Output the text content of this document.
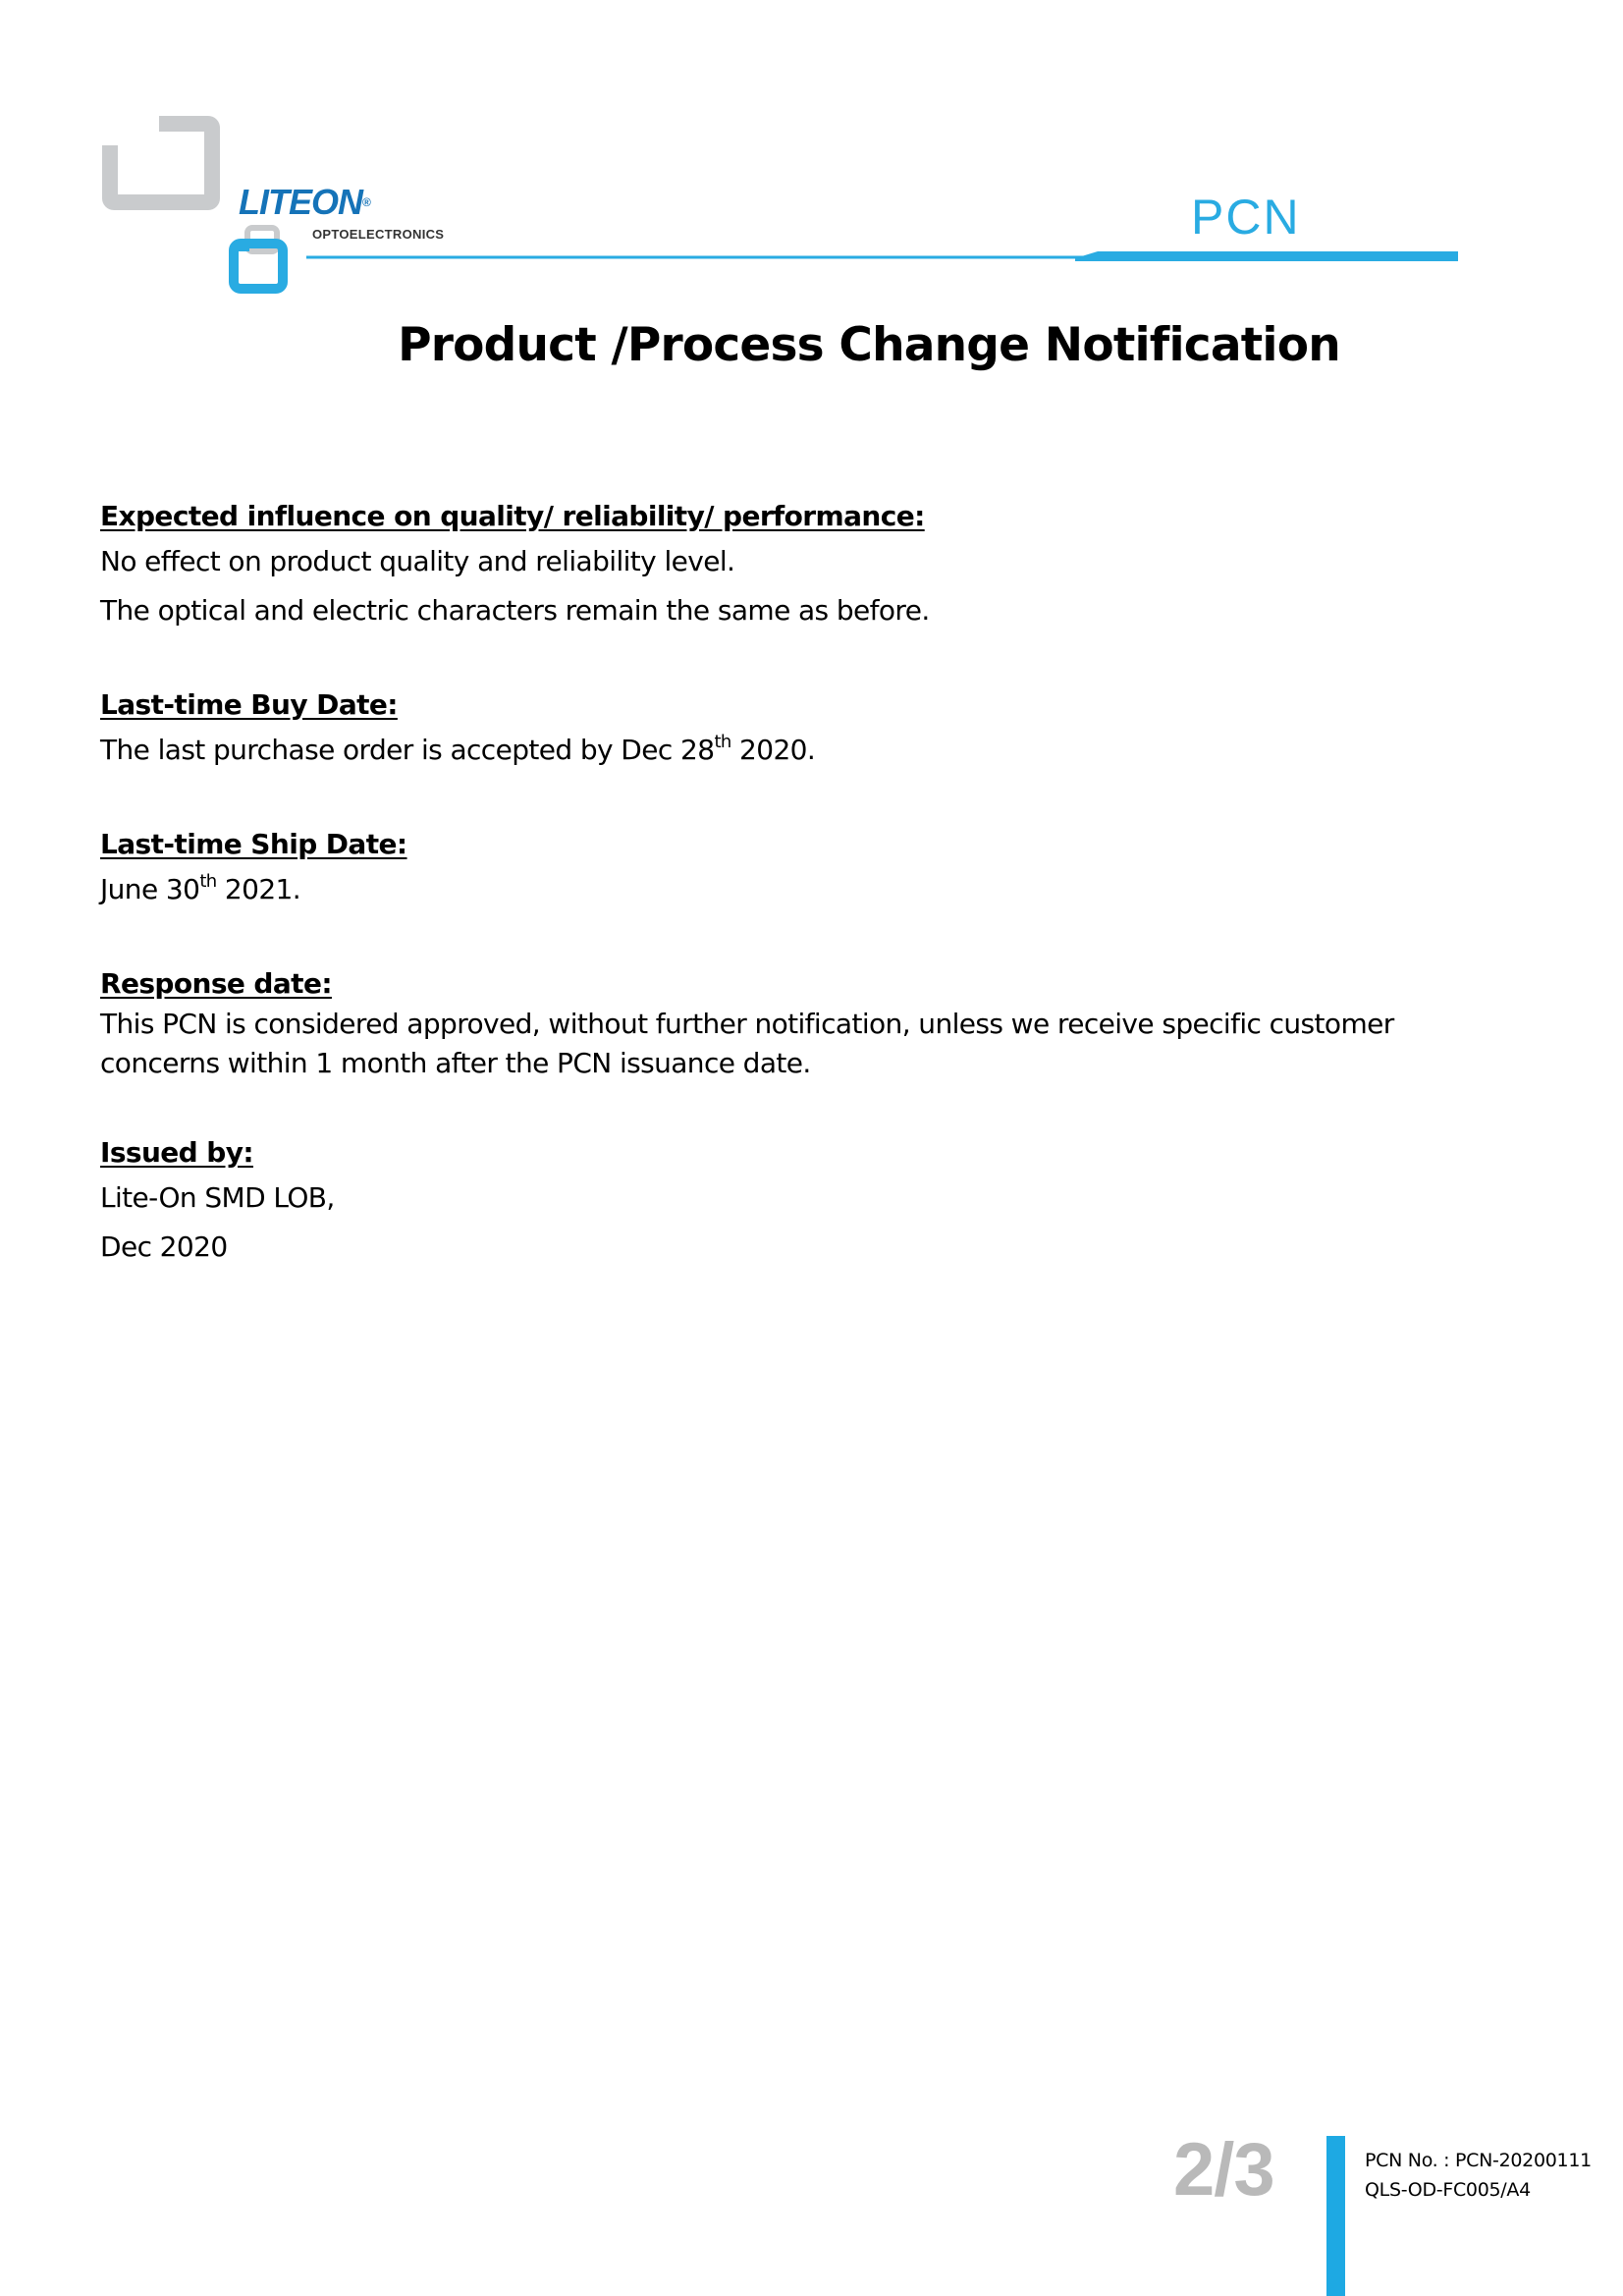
LITEON®
OPTOELECTRONICS	PCN
Product /Process Change Notification

Expected influence on quality/ reliability/ performance:

No effect on product quality and reliability level.

The optical and electric characters remain the same as before.

Last-time Buy Date:

The last purchase order is accepted by Dec 28th 2020.

Last-time Ship Date:

June 30th 2021.

Response date:

This PCN is considered approved, without further notification, unless we receive specific customer concerns within 1 month after the PCN issuance date.

Issued by:

Lite-On SMD LOB,

Dec 2020

2/3	PCN No. : PCN-20200111
QLS-OD-FC005/A4
